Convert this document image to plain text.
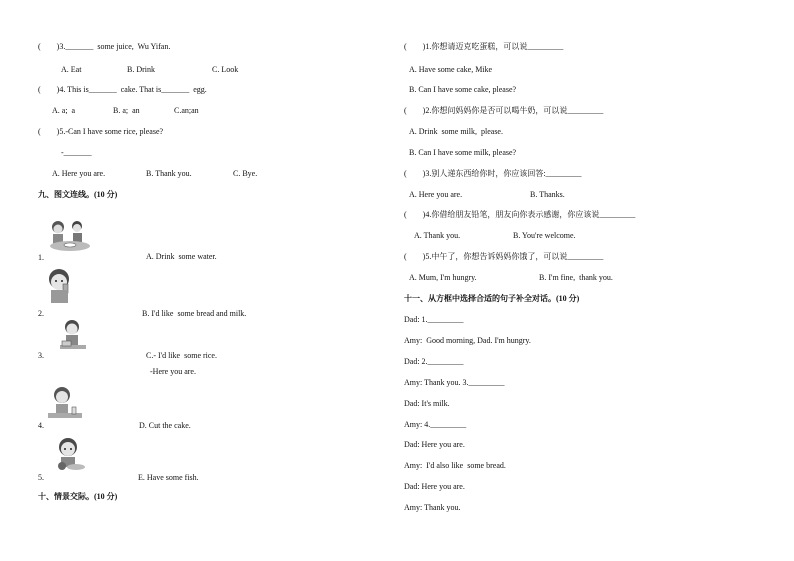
(        )3._______  some juice,  Wu Yifan.
A. Eat	B. Drink	C. Look
(        )4. This is_______  cake. That is_______  egg.
A. a;  a	B. a;  an	C.an;an
(        )5.-Can I have some rice, please?
-_______
A. Here you are.	B. Thank you.	C. Bye.
九、图文连线。(10 分)
1.	A. Drink  some water.
2.	B. I'd like  some bread and milk.
3.	C.- I'd like  some rice.
-Here you are.
4.	D. Cut the cake.
5.	E. Have some fish.
十、情景交际。(10 分)
(        )1.你想请迈克吃蛋糕，可以说_________
A. Have some cake, Mike
B. Can I have some cake, please?
(        )2.你想问妈妈你是否可以喝牛奶，可以说_________
A. Drink  some milk,  please.
B. Can I have some milk, please?
(        )3.别人递东西给你时，你应该回答:_________
A. Here you are.	B. Thanks.
(        )4.你借给朋友铅笔，朋友向你表示感谢，你应该说_________
A. Thank you.	B. You're welcome.
(        )5.中午了，你想告诉妈妈你饿了，可以说_________
A. Mum, I'm hungry.	B. I'm fine,  thank you.
十一、从方框中选择合适的句子补全对话。(10 分)
Dad: 1._________
Amy:  Good morning, Dad. I'm hungry.
Dad: 2._________
Amy: Thank you. 3._________
Dad: It's milk.
Amy: 4._________
Dad: Here you are.
Amy:  I'd also like  some bread.
Dad: Here you are.
Amy: Thank you.
